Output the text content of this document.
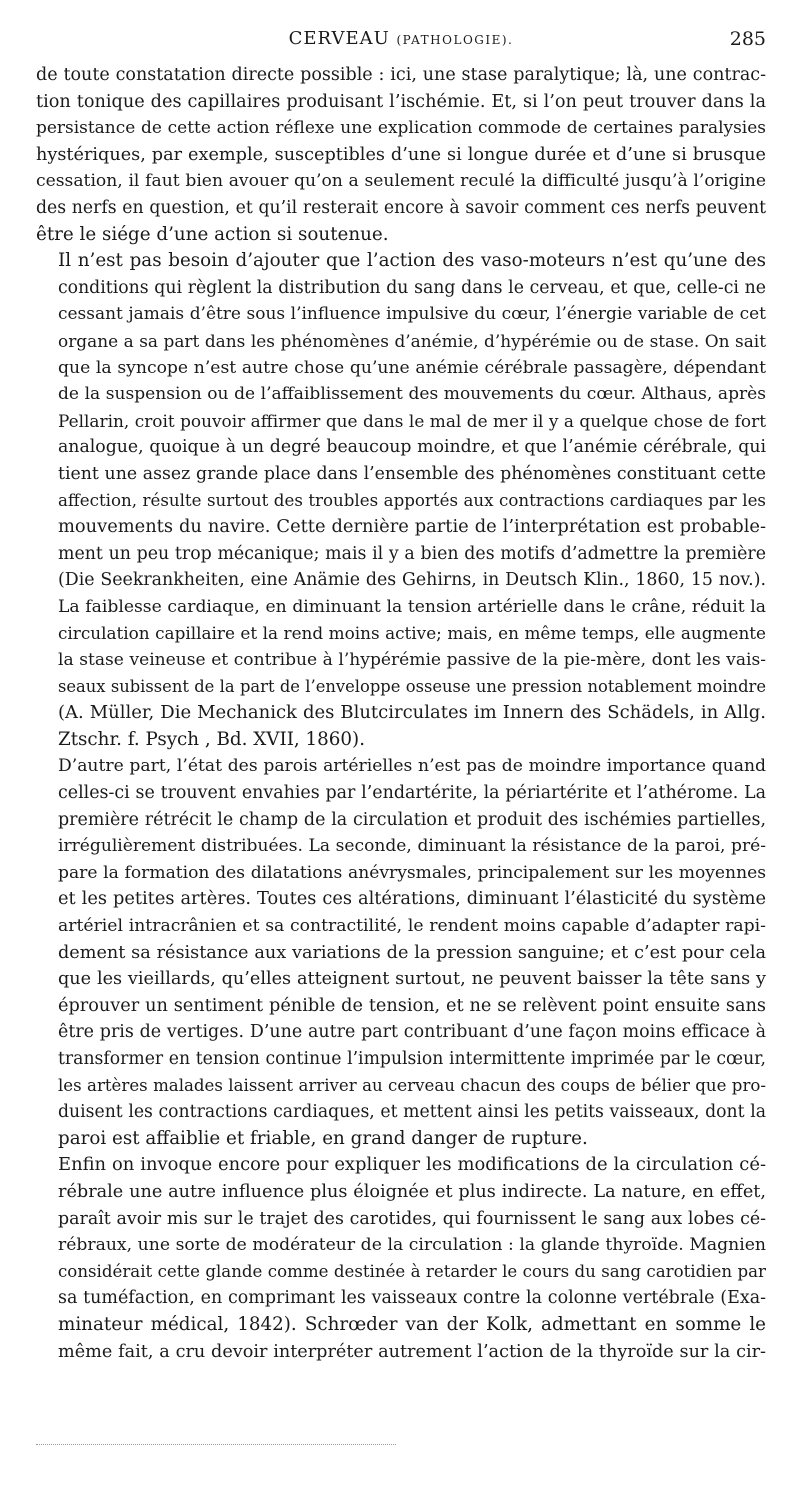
CERVEAU (PATHOLOGIE).	285

de toute constatation directe possible : ici, une stase paralytique; là, une contrac-
tion tonique des capillaires produisant l’ischémie. Et, si l’on peut trouver dans la
persistance de cette action réflexe une explication commode de certaines paralysies
hystériques, par exemple, susceptibles d’une si longue durée et d’une si brusque
cessation, il faut bien avouer qu’on a seulement reculé la difficulté jusqu’à l’origine
des nerfs en question, et qu’il resterait encore à savoir comment ces nerfs peuvent
être le siége d’une action si soutenue.

Il n’est pas besoin d’ajouter que l’action des vaso-moteurs n’est qu’une des
conditions qui règlent la distribution du sang dans le cerveau, et que, celle-ci ne
cessant jamais d’être sous l’influence impulsive du cœur, l’énergie variable de cet
organe a sa part dans les phénomènes d’anémie, d’hypérémie ou de stase. On sait
que la syncope n’est autre chose qu’une anémie cérébrale passagère, dépendant
de la suspension ou de l’affaiblissement des mouvements du cœur. Althaus, après
Pellarin, croit pouvoir affirmer que dans le mal de mer il y a quelque chose de fort
analogue, quoique à un degré beaucoup moindre, et que l’anémie cérébrale, qui
tient une assez grande place dans l’ensemble des phénomènes constituant cette
affection, résulte surtout des troubles apportés aux contractions cardiaques par les
mouvements du navire. Cette dernière partie de l’interprétation est probable-
ment un peu trop mécanique; mais il y a bien des motifs d’admettre la première
(Die Seekrankheiten, eine Anämie des Gehirns, in Deutsch Klin., 1860, 15 nov.).
La faiblesse cardiaque, en diminuant la tension artérielle dans le crâne, réduit la
circulation capillaire et la rend moins active; mais, en même temps, elle augmente
la stase veineuse et contribue à l’hypérémie passive de la pie-mère, dont les vais-
seaux subissent de la part de l’enveloppe osseuse une pression notablement moindre
(A. Müller, Die Mechanick des Blutcirculates im Innern des Schädels, in Allg.
Ztschr. f. Psych , Bd. XVII, 1860).

D’autre part, l’état des parois artérielles n’est pas de moindre importance quand
celles-ci se trouvent envahies par l’endartérite, la périartérite et l’athérome. La
première rétrécit le champ de la circulation et produit des ischémies partielles,
irrégulièrement distribuées. La seconde, diminuant la résistance de la paroi, pré-
pare la formation des dilatations anévrysmales, principalement sur les moyennes
et les petites artères. Toutes ces altérations, diminuant l’élasticité du système
artériel intracrânien et sa contractilité, le rendent moins capable d’adapter rapi-
dement sa résistance aux variations de la pression sanguine; et c’est pour cela
que les vieillards, qu’elles atteignent surtout, ne peuvent baisser la tête sans y
éprouver un sentiment pénible de tension, et ne se relèvent point ensuite sans
être pris de vertiges. D’une autre part contribuant d’une façon moins efficace à
transformer en tension continue l’impulsion intermittente imprimée par le cœur,
les artères malades laissent arriver au cerveau chacun des coups de bélier que pro-
duisent les contractions cardiaques, et mettent ainsi les petits vaisseaux, dont la
paroi est affaiblie et friable, en grand danger de rupture.

Enfin on invoque encore pour expliquer les modifications de la circulation cé-
rébrale une autre influence plus éloignée et plus indirecte. La nature, en effet,
paraît avoir mis sur le trajet des carotides, qui fournissent le sang aux lobes cé-
rébraux, une sorte de modérateur de la circulation : la glande thyroïde. Magnien
considérait cette glande comme destinée à retarder le cours du sang carotidien par
sa tuméfaction, en comprimant les vaisseaux contre la colonne vertébrale (Exa-
minateur médical, 1842). Schrœder van der Kolk, admettant en somme le
même fait, a cru devoir interpréter autrement l’action de la thyroïde sur la cir-
